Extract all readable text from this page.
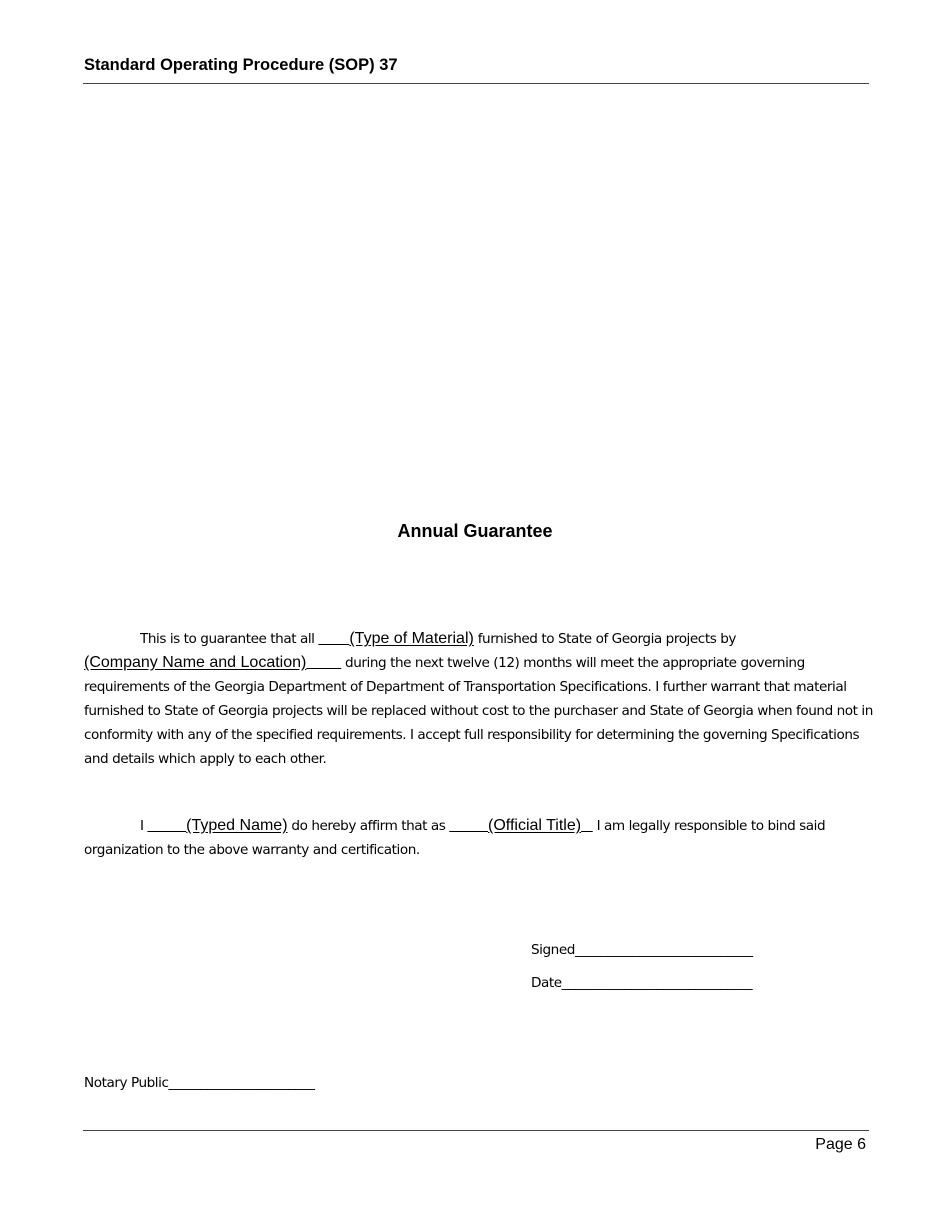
Standard Operating Procedure (SOP) 37
Annual Guarantee
This is to guarantee that all         (Type of Material) furnished to State of Georgia projects by (Company Name and Location)	during the next twelve (12) months will meet the appropriate governing requirements of the Georgia Department of Department of Transportation Specifications. I further warrant that material furnished to State of Georgia projects will be replaced without cost to the purchaser and State of Georgia when found not in conformity with any of the specified requirements. I accept full responsibility for determining the governing Specifications and details which apply to each other.
I           (Typed Name) do hereby affirm that as           (Official Title)    I am legally responsible to bind said organization to the above warranty and certification.
Signed____________________________
Date______________________________
Notary Public_______________________
Page 6
